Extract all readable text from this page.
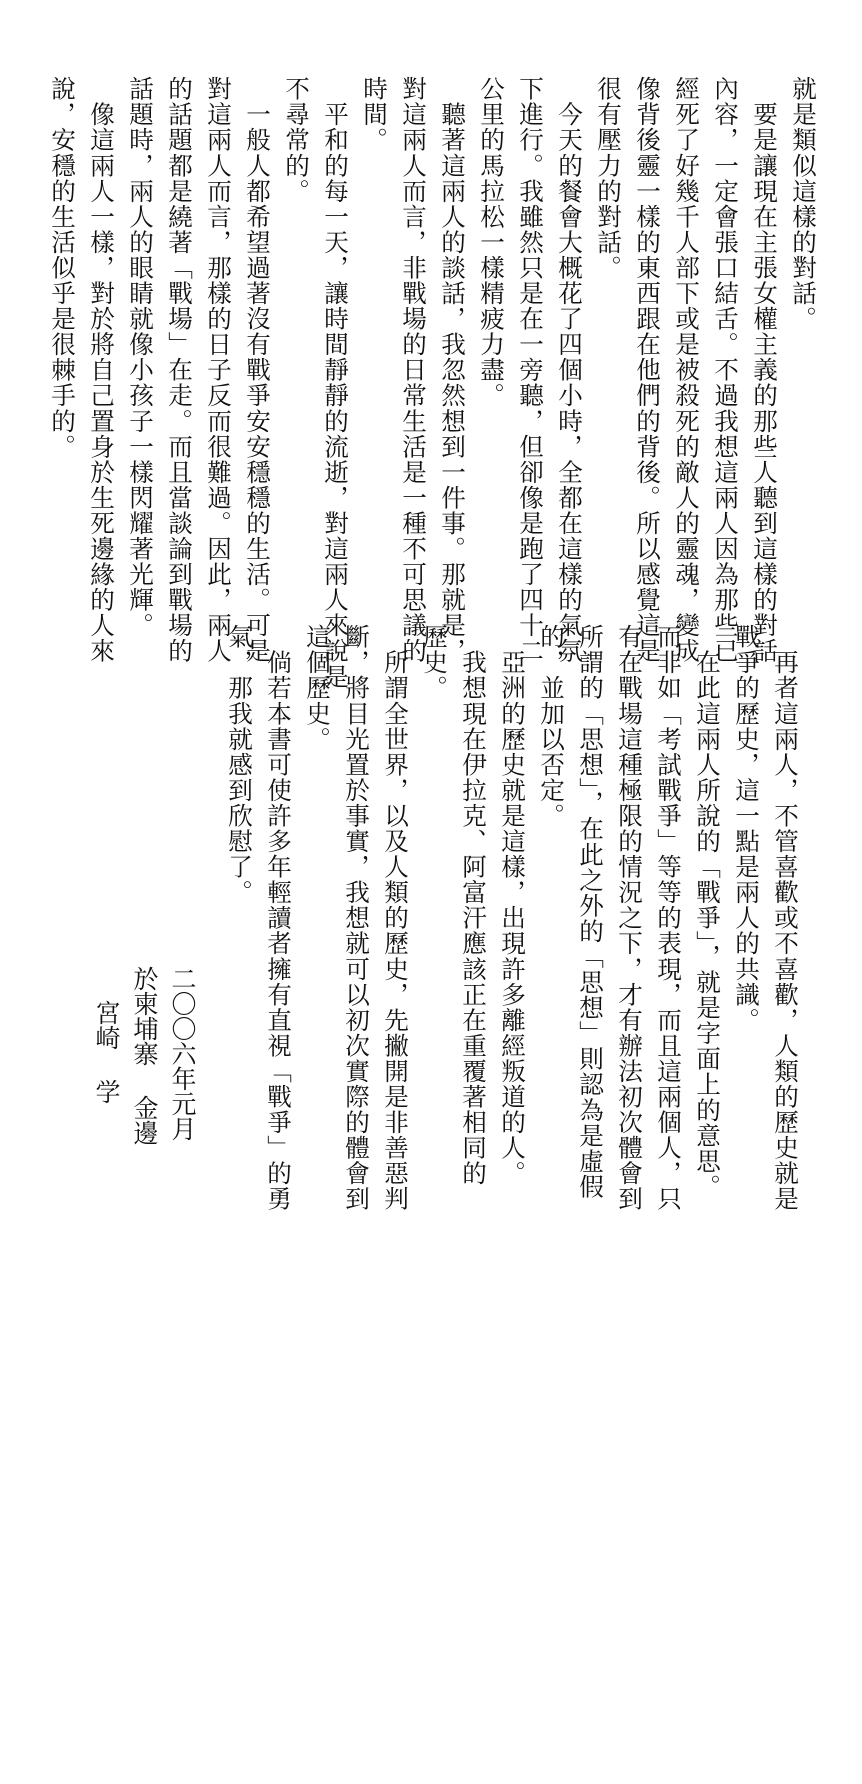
就是類似這樣的對話。
　要是讓現在主張女權主義的那些人聽到這樣的對話
內容，一定會張口結舌。不過我想這兩人因為那些已
經死了好幾千人部下或是被殺死的敵人的靈魂，變成
像背後靈一樣的東西跟在他們的背後。所以感覺這是
很有壓力的對話。
　今天的餐會大概花了四個小時，全都在這樣的氣氛
下進行。我雖然只是在一旁聽，但卻像是跑了四十二
公里的馬拉松一樣精疲力盡。
　聽著這兩人的談話，我忽然想到一件事。那就是，
對這兩人而言，非戰場的日常生活是一種不可思議的
時間。
　平和的每一天，讓時間靜靜的流逝，對這兩人來說是
不尋常的。
　一般人都希望過著沒有戰爭安安穩穩的生活。可是
對這兩人而言，那樣的日子反而很難過。因此，兩人
的話題都是繞著「戰場」在走。而且當談論到戰場的
話題時，兩人的眼睛就像小孩子一樣閃耀著光輝。
　像這兩人一樣，對於將自己置身於生死邊緣的人來
說，安穩的生活似乎是很棘手的。
　再者這兩人，不管喜歡或不喜歡，人類的歷史就是
戰爭的歷史，這一點是兩人的共識。
　在此這兩人所說的「戰爭」，就是字面上的意思。
而非如「考試戰爭」等等的表現，而且這兩個人，只
有在戰場這種極限的情況之下，才有辦法初次體會到
所謂的「思想」，在此之外的「思想」則認為是虛假
的，並加以否定。
　亞洲的歷史就是這樣，出現許多離經叛道的人。
　我想現在伊拉克、阿富汗應該正在重覆著相同的
歷史。
　所謂全世界，以及人類的歷史，先撇開是非善惡判
斷，將目光置於事實，我想就可以初次實際的體會到
這個歷史。
　倘若本書可使許多年輕讀者擁有直視「戰爭」的勇
氣，那我就感到欣慰了。
二〇〇六年元月
於柬埔寨 金邊
宮崎 学
